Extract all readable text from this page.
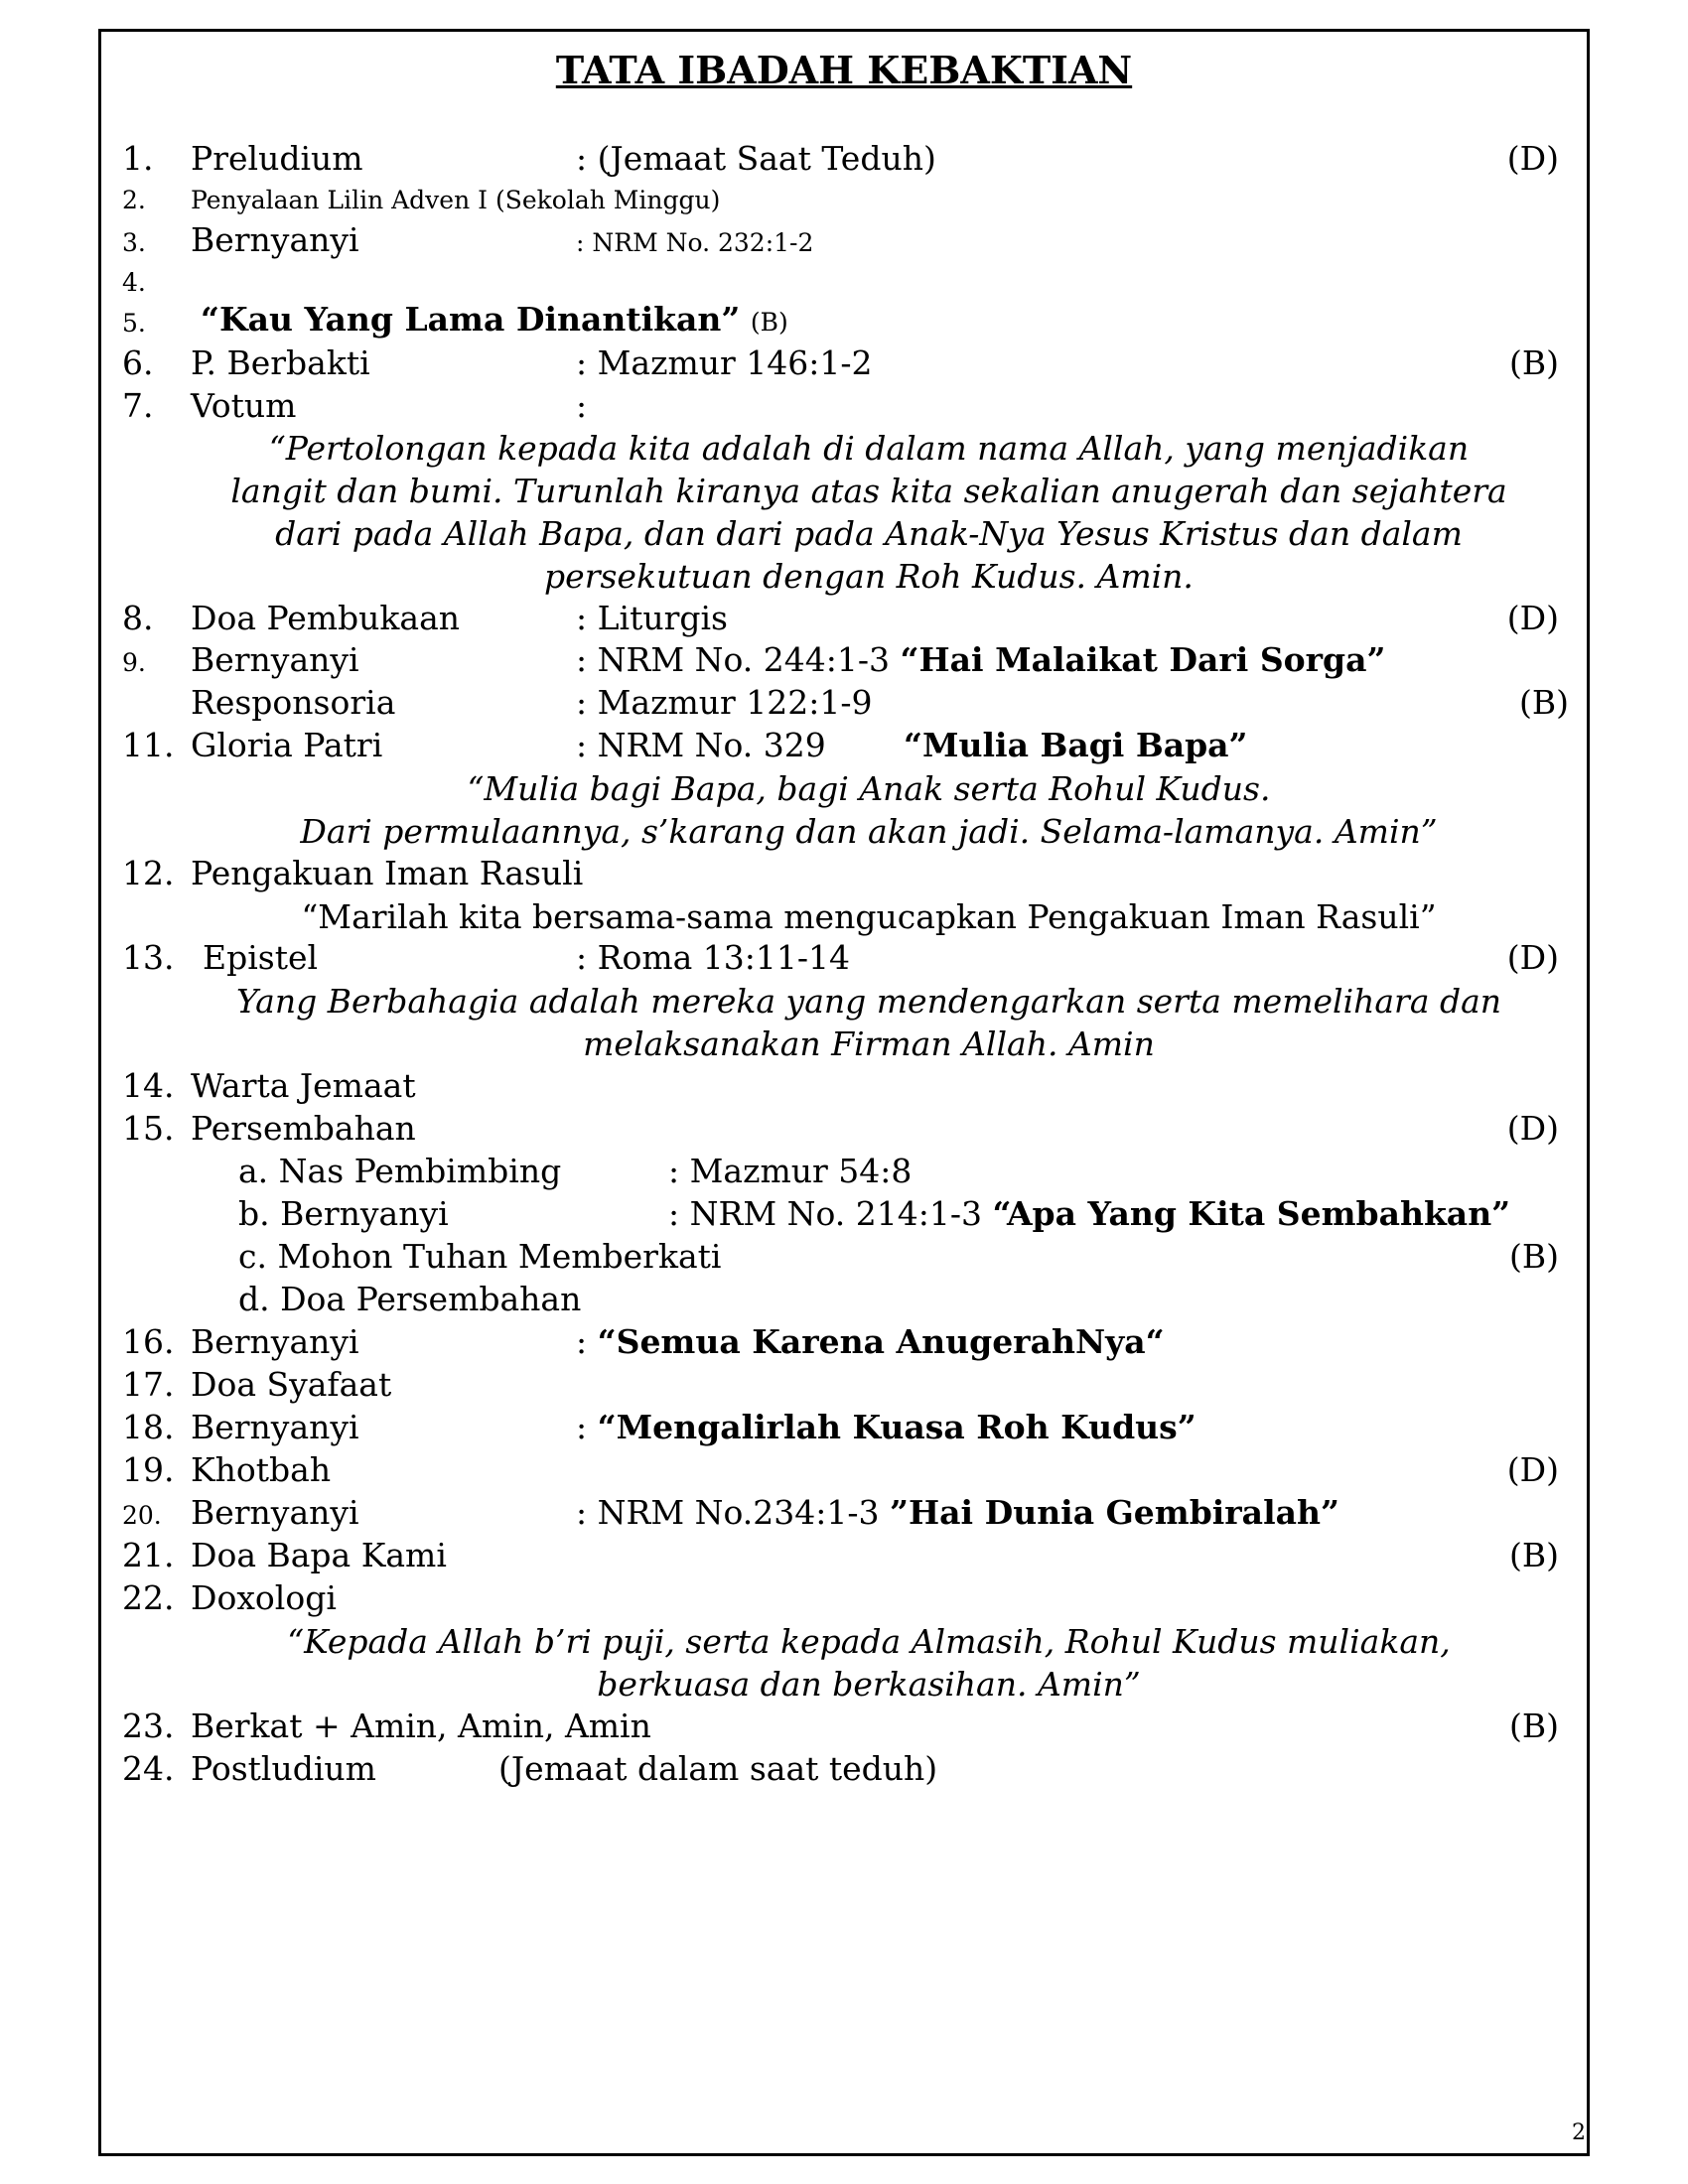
TATA IBADAH KEBAKTIAN
1. Preludium	: (Jemaat Saat Teduh)	(D)
2. Penyalaan Lilin Adven I (Sekolah Minggu)
3. Bernyanyi	: NRM No. 232:1-2
4.
5. “Kau Yang Lama Dinantikan” (B)
6. P. Berbakti	: Mazmur 146:1-2	(B)
7. Votum	:
“Pertolongan kepada kita adalah di dalam nama Allah, yang menjadikan
langit dan bumi. Turunlah kiranya atas kita sekalian anugerah dan sejahtera
dari pada Allah Bapa, dan dari pada Anak-Nya Yesus Kristus dan dalam
persekutuan dengan Roh Kudus. Amin.
8. Doa Pembukaan	: Liturgis	(D)
9. Bernyanyi	: NRM No. 244:1-3 “Hai Malaikat Dari Sorga”
Responsoria	: Mazmur 122:1-9	(B)
11. Gloria Patri	: NRM No. 329 “Mulia Bagi Bapa”
“Mulia bagi Bapa, bagi Anak serta Rohul Kudus.
Dari permulaannya, s’karang dan akan jadi. Selama-lamanya. Amin”
12. Pengakuan Iman Rasuli
“Marilah kita bersama-sama mengucapkan Pengakuan Iman Rasuli”
13. Epistel	: Roma 13:11-14	(D)
Yang Berbahagia adalah mereka yang mendengarkan serta memelihara dan
melaksanakan Firman Allah. Amin
14. Warta Jemaat
15. Persembahan	(D)
a. Nas Pembimbing	: Mazmur 54:8
b. Bernyanyi	: NRM No. 214:1-3 “Apa Yang Kita Sembahkan”
c. Mohon Tuhan Memberkati	(B)
d. Doa Persembahan
16. Bernyanyi	: “Semua Karena AnugerahNya“
17. Doa Syafaat
18. Bernyanyi	: “Mengalirlah Kuasa Roh Kudus”
19. Khotbah	(D)
20. Bernyanyi	: NRM No.234:1-3 ”Hai Dunia Gembiralah”
21. Doa Bapa Kami	(B)
22. Doxologi
“Kepada Allah b’ri puji, serta kepada Almasih, Rohul Kudus muliakan,
berkuasa dan berkasihan. Amin”
23. Berkat + Amin, Amin, Amin	(B)
24. Postludium	(Jemaat dalam saat teduh)
2
